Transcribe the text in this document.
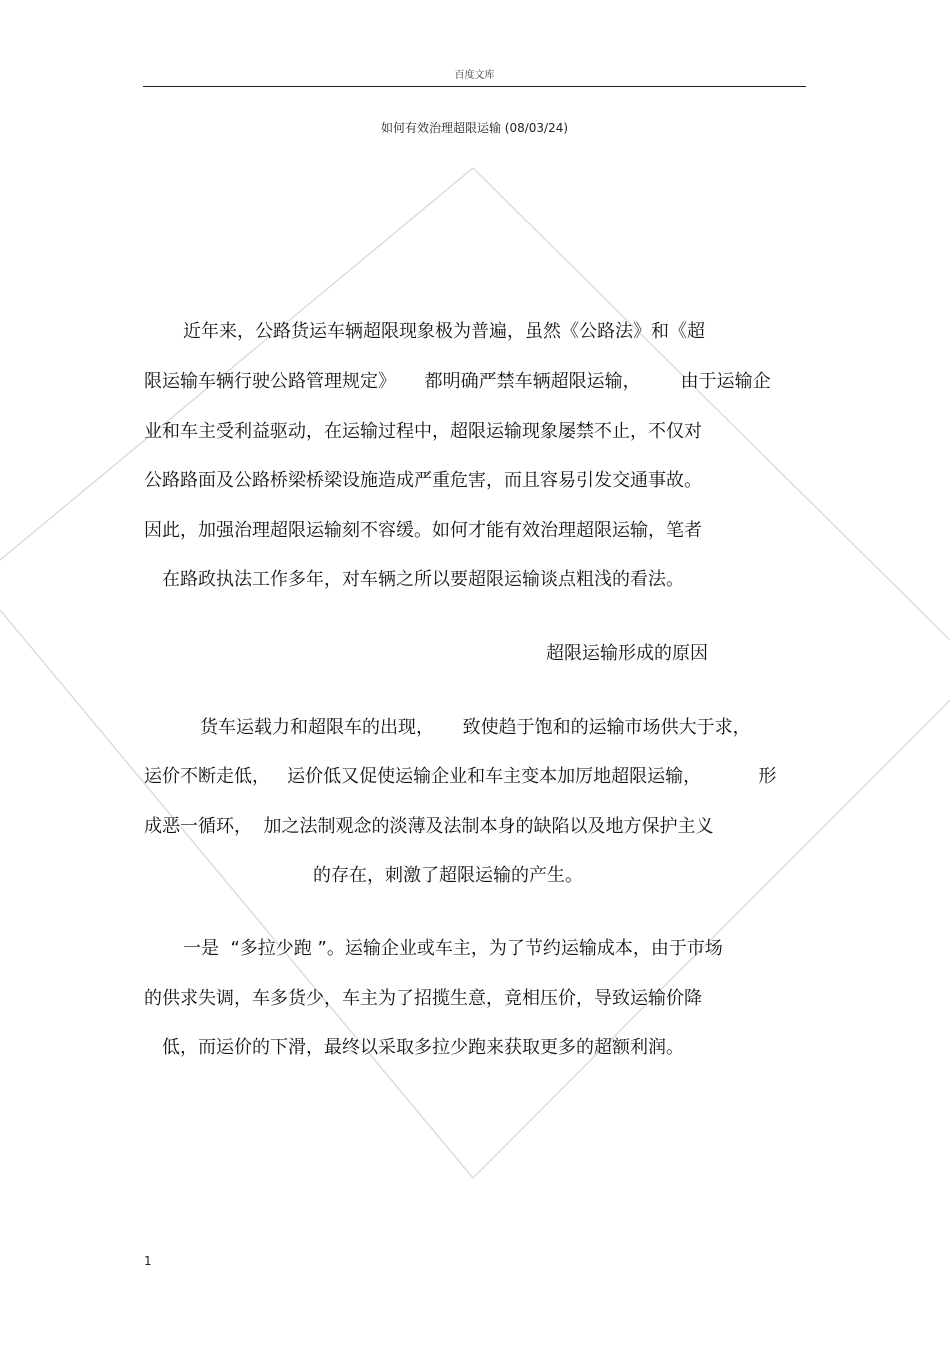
百度文库
如何有效治理超限运输 (08/03/24)
近年来，公路货运车辆超限现象极为普遍，虽然《公路法》和《超
限运输车辆行驶公路管理规定》     都明确严禁车辆超限运输，       由于运输企
业和车主受利益驱动，在运输过程中，超限运输现象屡禁不止，不仅对
公路路面及公路桥梁桥梁设施造成严重危害，而且容易引发交通事故。
因此，加强治理超限运输刻不容缓。如何才能有效治理超限运输，笔者
在路政执法工作多年，对车辆之所以要超限运输谈点粗浅的看法。
超限运输形成的原因
货车运载力和超限车的出现，     致使趋于饱和的运输市场供大于求，
运价不断走低，   运价低又促使运输企业和车主变本加厉地超限运输，          形
成恶一循环，  加之法制观念的淡薄及法制本身的缺陷以及地方保护主义
的存在，刺激了超限运输的产生。
一是  “多拉少跑 ”。运输企业或车主，为了节约运输成本，由于市场
的供求失调，车多货少，车主为了招揽生意，竟相压价，导致运输价降
低，而运价的下滑，最终以采取多拉少跑来获取更多的超额利润。
1
